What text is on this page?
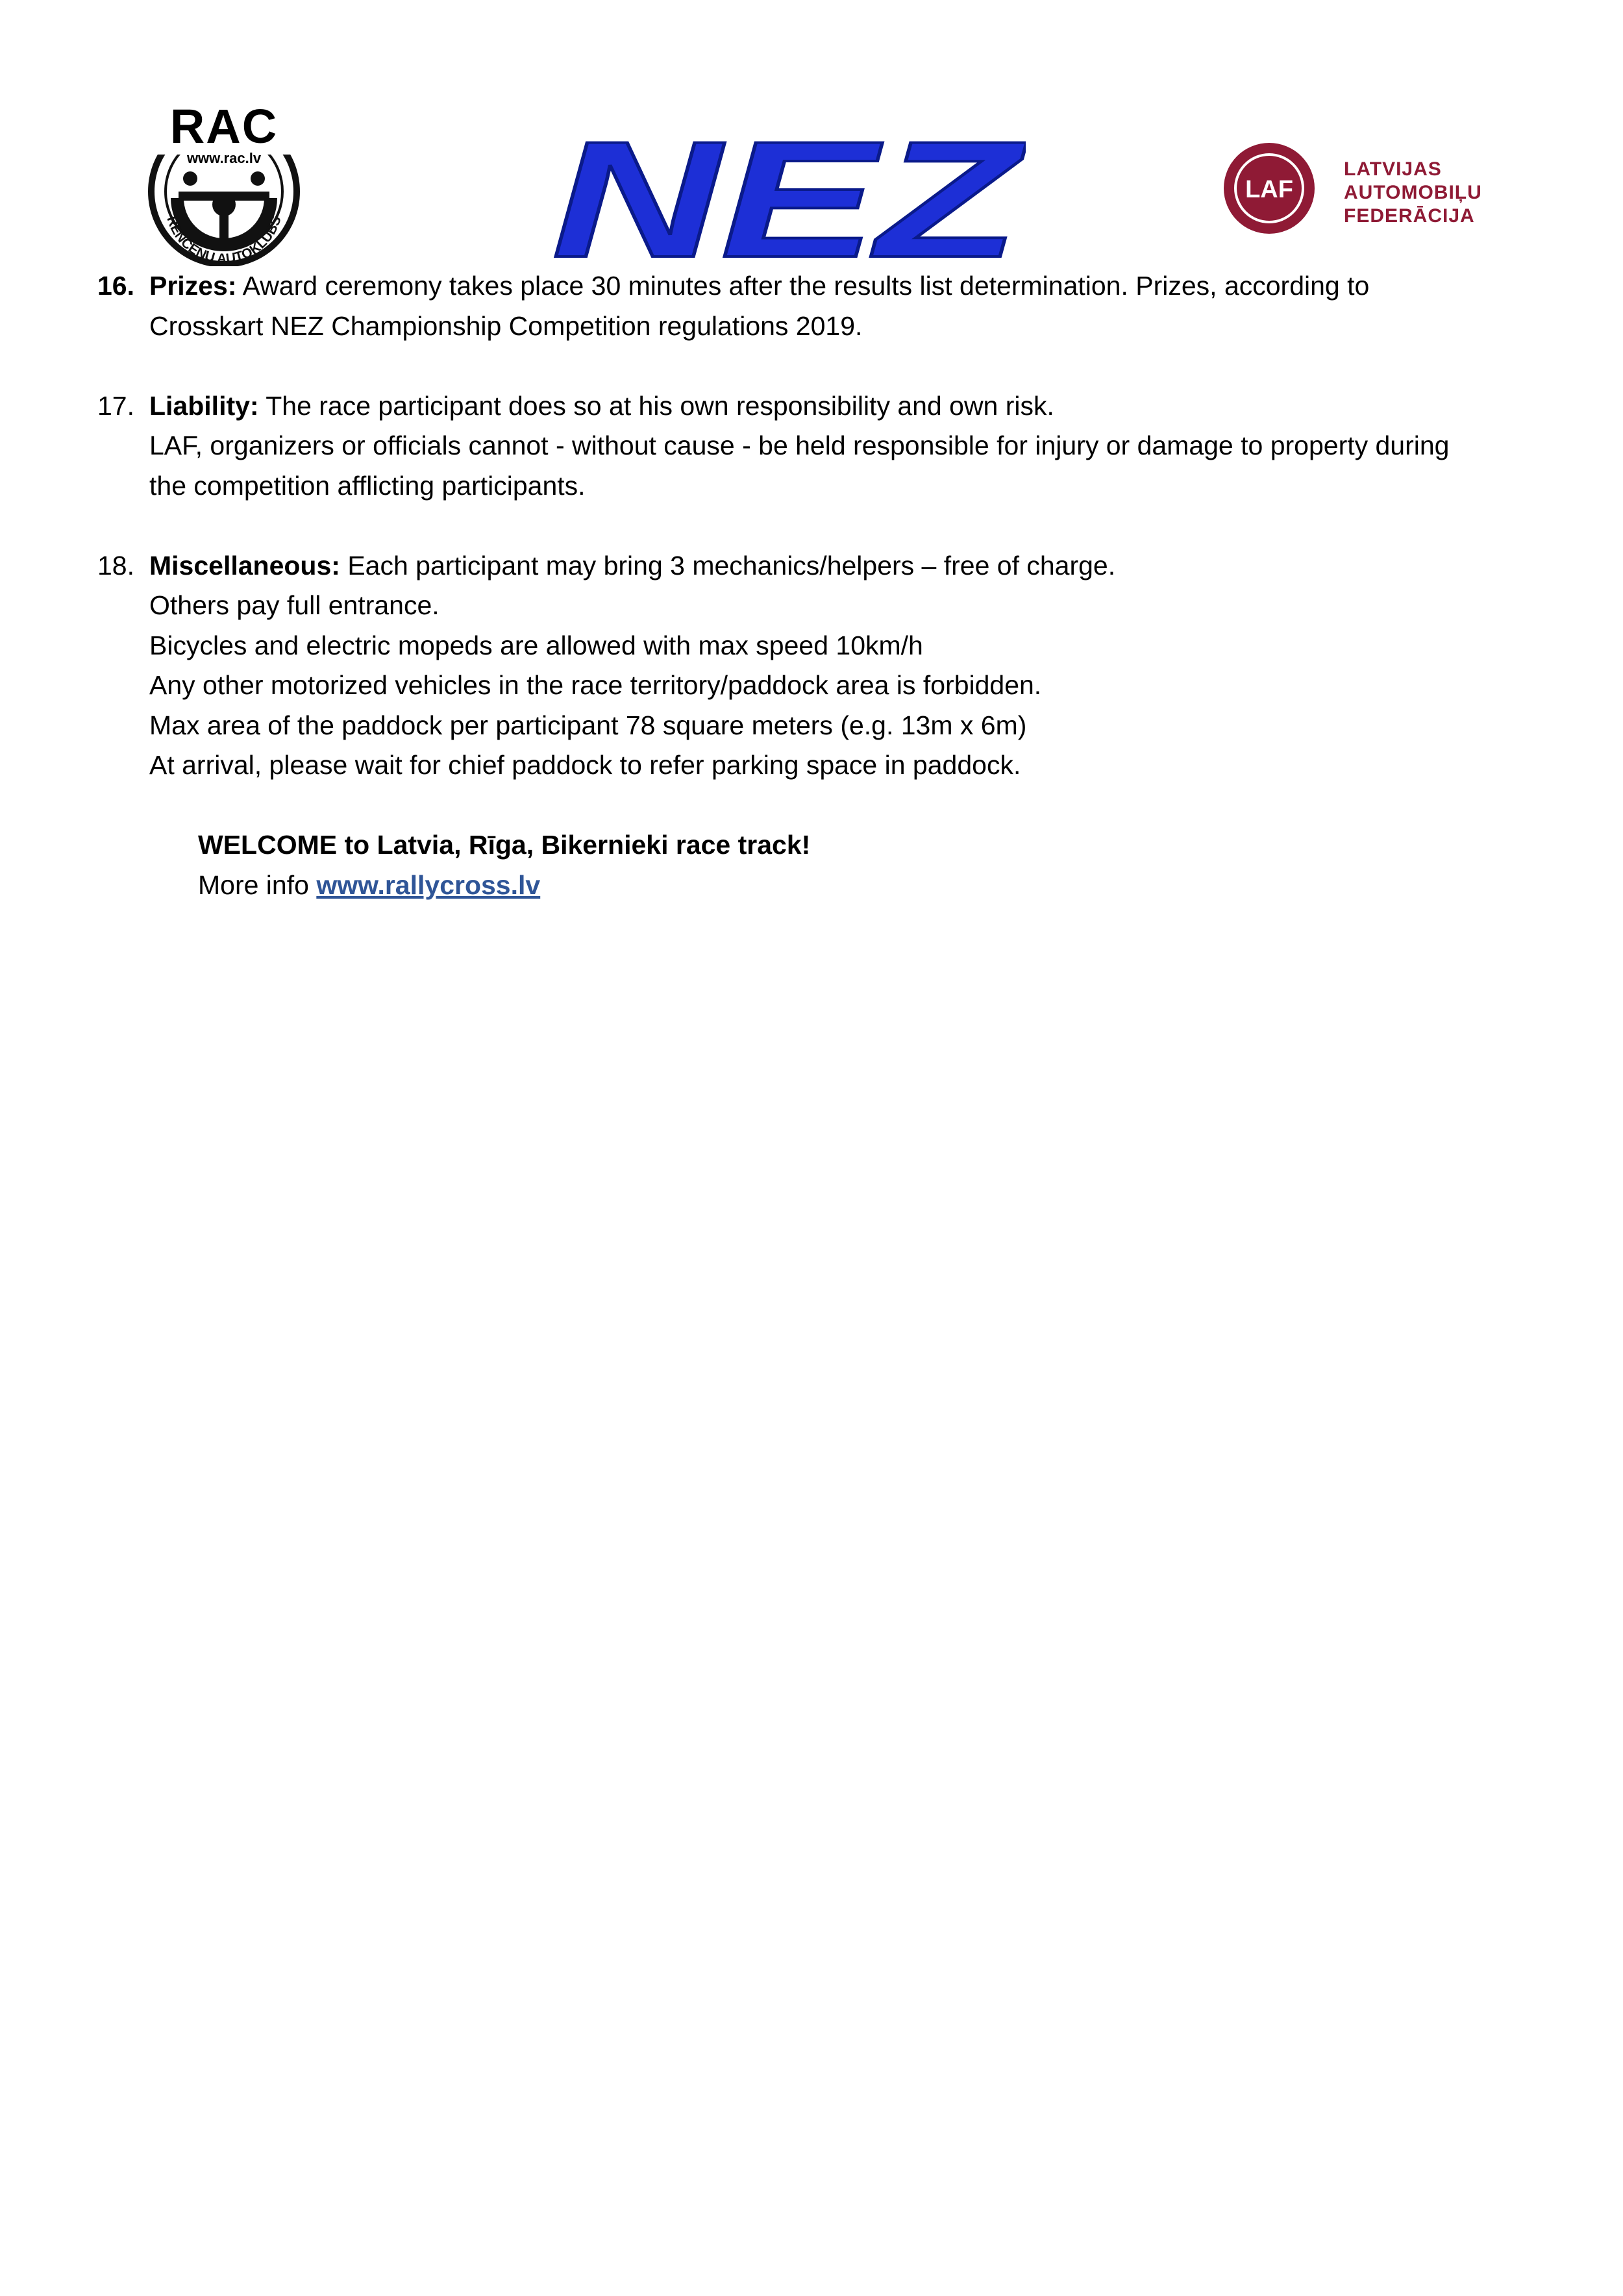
RENCĒNU AUTOKLUBS
RAC
www.rac.lv NEZ	LAF
LATVIJAS
AUTOMOBIĻU
FEDERĀCIJA
16. Prizes: Award ceremony takes place 30 minutes after the results list determination. Prizes, according to
Crosskart NEZ Championship Competition regulations 2019.
17. Liability: The race participant does so at his own responsibility and own risk.
LAF, organizers or officials cannot - without cause - be held responsible for injury or damage to property during
the competition afflicting participants.
18. Miscellaneous: Each participant may bring 3 mechanics/helpers – free of charge.
Others pay full entrance.
Bicycles and electric mopeds are allowed with max speed 10km/h
Any other motorized vehicles in the race territory/paddock area is forbidden.
Max area of the paddock per participant 78 square meters (e.g. 13m x 6m)
At arrival, please wait for chief paddock to refer parking space in paddock.
WELCOME to Latvia, Rīga, Bikernieki race track!
More info www.rallycross.lv
